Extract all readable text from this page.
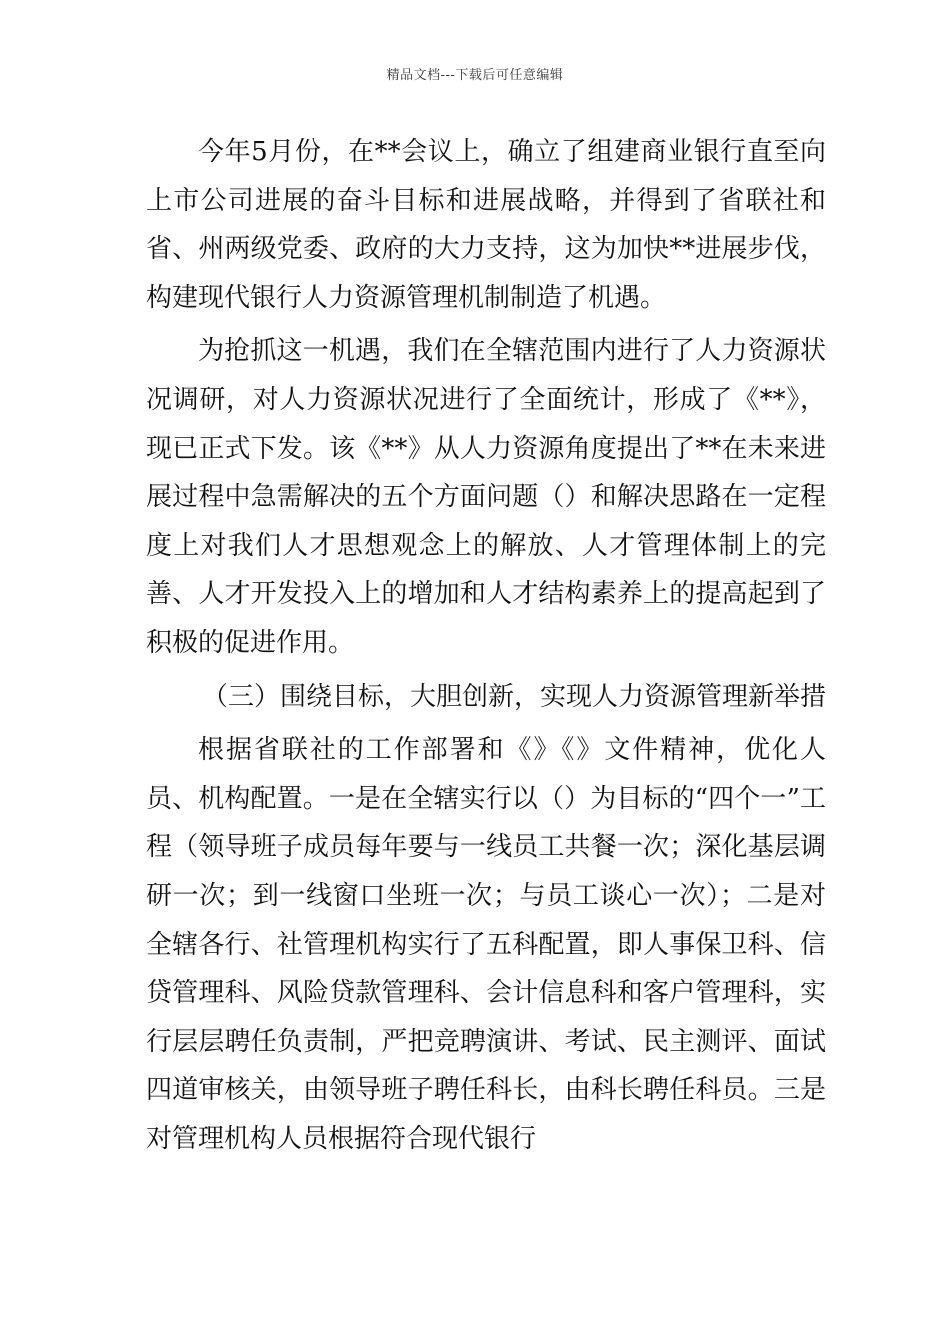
精品文档---下载后可任意编辑

今年5月份，在**会议上，确立了组建商业银行直至向上市公司进展的奋斗目标和进展战略，并得到了省联社和省、州两级党委、政府的大力支持，这为加快**进展步伐，构建现代银行人力资源管理机制制造了机遇。

为抢抓这一机遇，我们在全辖范围内进行了人力资源状况调研，对人力资源状况进行了全面统计，形成了《**》，现已正式下发。该《**》从人力资源角度提出了**在未来进展过程中急需解决的五个方面问题（）和解决思路在一定程度上对我们人才思想观念上的解放、人才管理体制上的完善、人才开发投入上的增加和人才结构素养上的提高起到了积极的促进作用。

（三）围绕目标，大胆创新，实现人力资源管理新举措

根据省联社的工作部署和《》《》文件精神，优化人员、机构配置。一是在全辖实行以（）为目标的“四个一”工程（领导班子成员每年要与一线员工共餐一次；深化基层调研一次；到一线窗口坐班一次；与员工谈心一次）；二是对全辖各行、社管理机构实行了五科配置，即人事保卫科、信贷管理科、风险贷款管理科、会计信息科和客户管理科，实行层层聘任负责制，严把竞聘演讲、考试、民主测评、面试四道审核关，由领导班子聘任科长，由科长聘任科员。三是对管理机构人员根据符合现代银行
